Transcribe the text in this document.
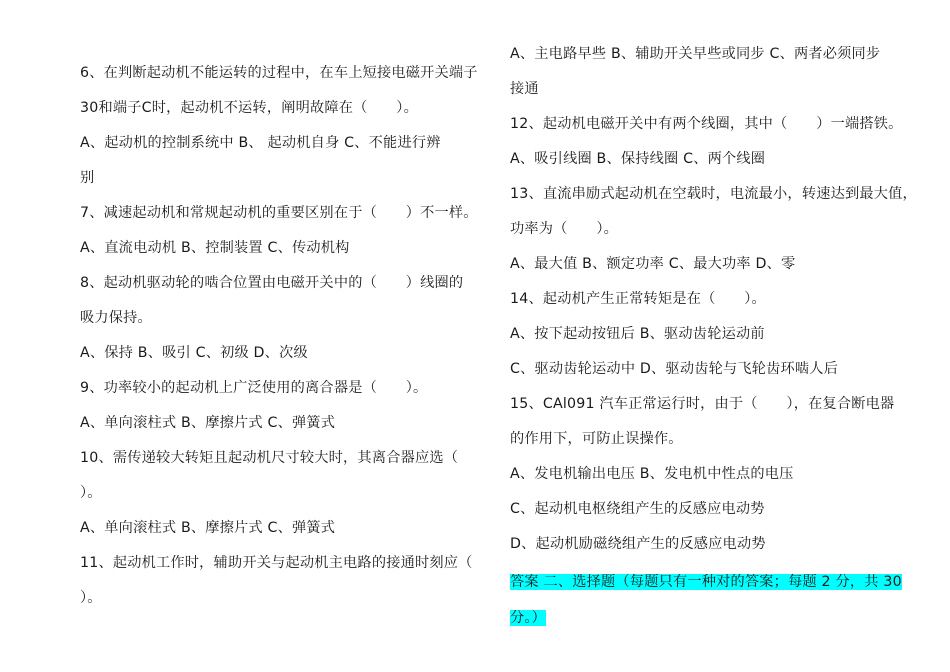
6、在判断起动机不能运转的过程中，在车上短接电磁开关端子
30和端子C时，起动机不运转，阐明故障在（　　）。
A、起动机的控制系统中 B、 起动机自身 C、不能进行辨
别
7、减速起动机和常规起动机的重要区别在于（　　）不一样。
A、直流电动机 B、控制装置 C、传动机构
8、起动机驱动轮的啮合位置由电磁开关中的（　　）线圈的
吸力保持。
A、保持 B、吸引 C、初级 D、次级
9、功率较小的起动机上广泛使用的离合器是（　　）。
A、单向滚柱式 B、摩擦片式 C、弹簧式
10、需传递较大转矩且起动机尺寸较大时，其离合器应选（
）。
A、单向滚柱式 B、摩擦片式 C、弹簧式
11、起动机工作时，辅助开关与起动机主电路的接通时刻应（
）。
A、主电路早些 B、辅助开关早些或同步 C、两者必须同步
接通
12、起动机电磁开关中有两个线圈，其中（　　）一端搭铁。
A、吸引线圈 B、保持线圈 C、两个线圈
13、直流串励式起动机在空载时，电流最小，转速达到最大值，
功率为（　　）。
A、最大值 B、额定功率 C、最大功率 D、零
14、起动机产生正常转矩是在（　　）。
A、按下起动按钮后 B、驱动齿轮运动前
C、驱动齿轮运动中 D、驱动齿轮与飞轮齿环啮人后
15、CAl091 汽车正常运行时，由于（　　），在复合断电器
的作用下，可防止误操作。
A、发电机输出电压 B、发电机中性点的电压
C、起动机电枢绕组产生的反感应电动势
D、起动机励磁绕组产生的反感应电动势
答案 二、选择题（每题只有一种对的答案；每题 2 分，共 30
分。）
